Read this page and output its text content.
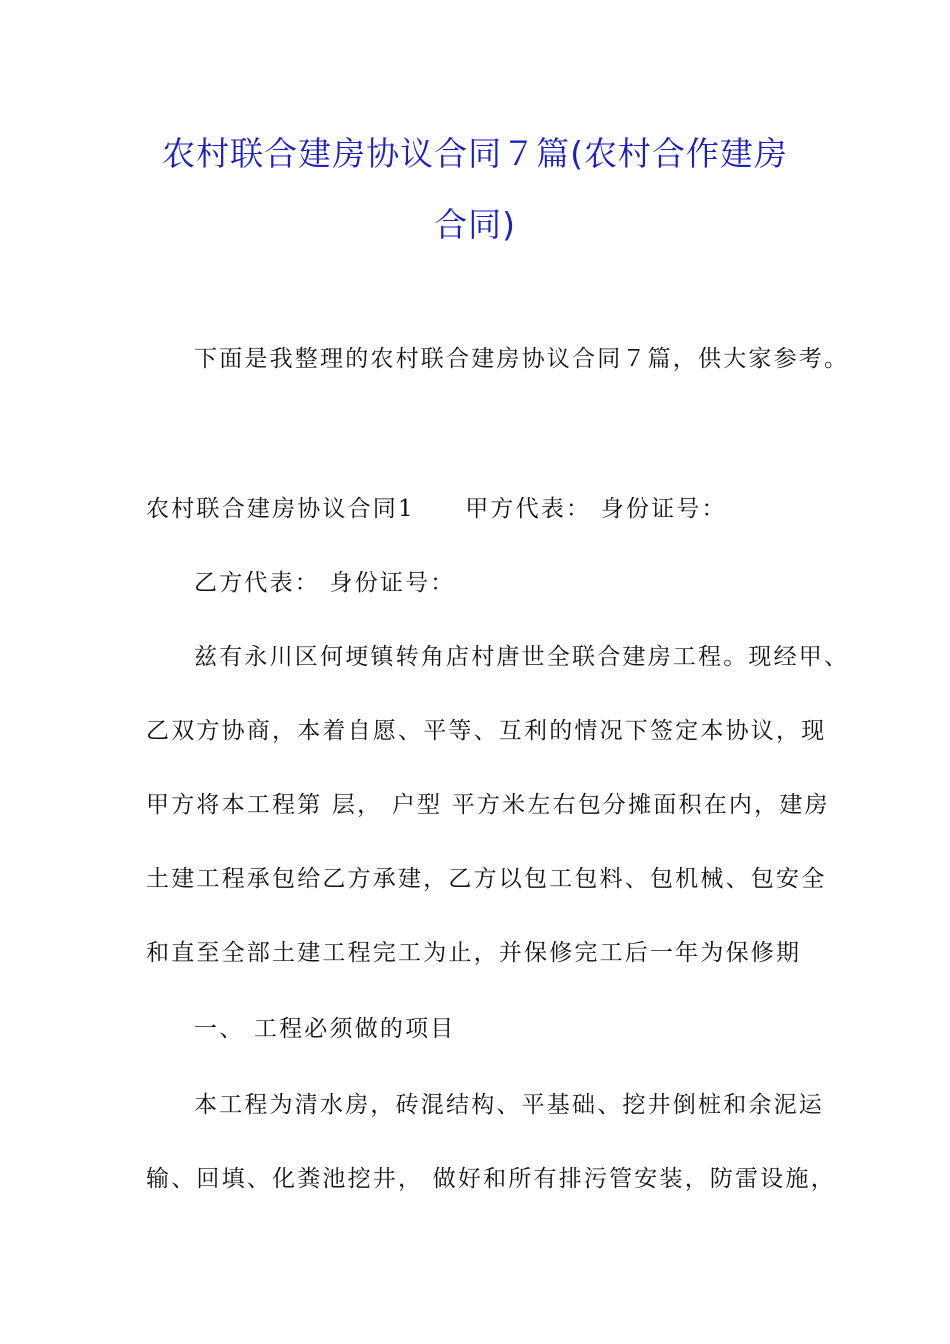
农村联合建房协议合同７篇(农村合作建房
合同)
下面是我整理的农村联合建房协议合同７篇，供大家参考。
农村联合建房协议合同1　　甲方代表： 身份证号：
乙方代表： 身份证号：
兹有永川区何埂镇转角店村唐世全联合建房工程。现经甲、
乙双方协商，本着自愿、平等、互利的情况下签定本协议，现
甲方将本工程第 层， 户型 平方米左右包分摊面积在内，建房
土建工程承包给乙方承建，乙方以包工包料、包机械、包安全
和直至全部土建工程完工为止，并保修完工后一年为保修期
一、 工程必须做的项目
本工程为清水房，砖混结构、平基础、挖井倒桩和余泥运
输、回填、化粪池挖井， 做好和所有排污管安装，防雷设施，
